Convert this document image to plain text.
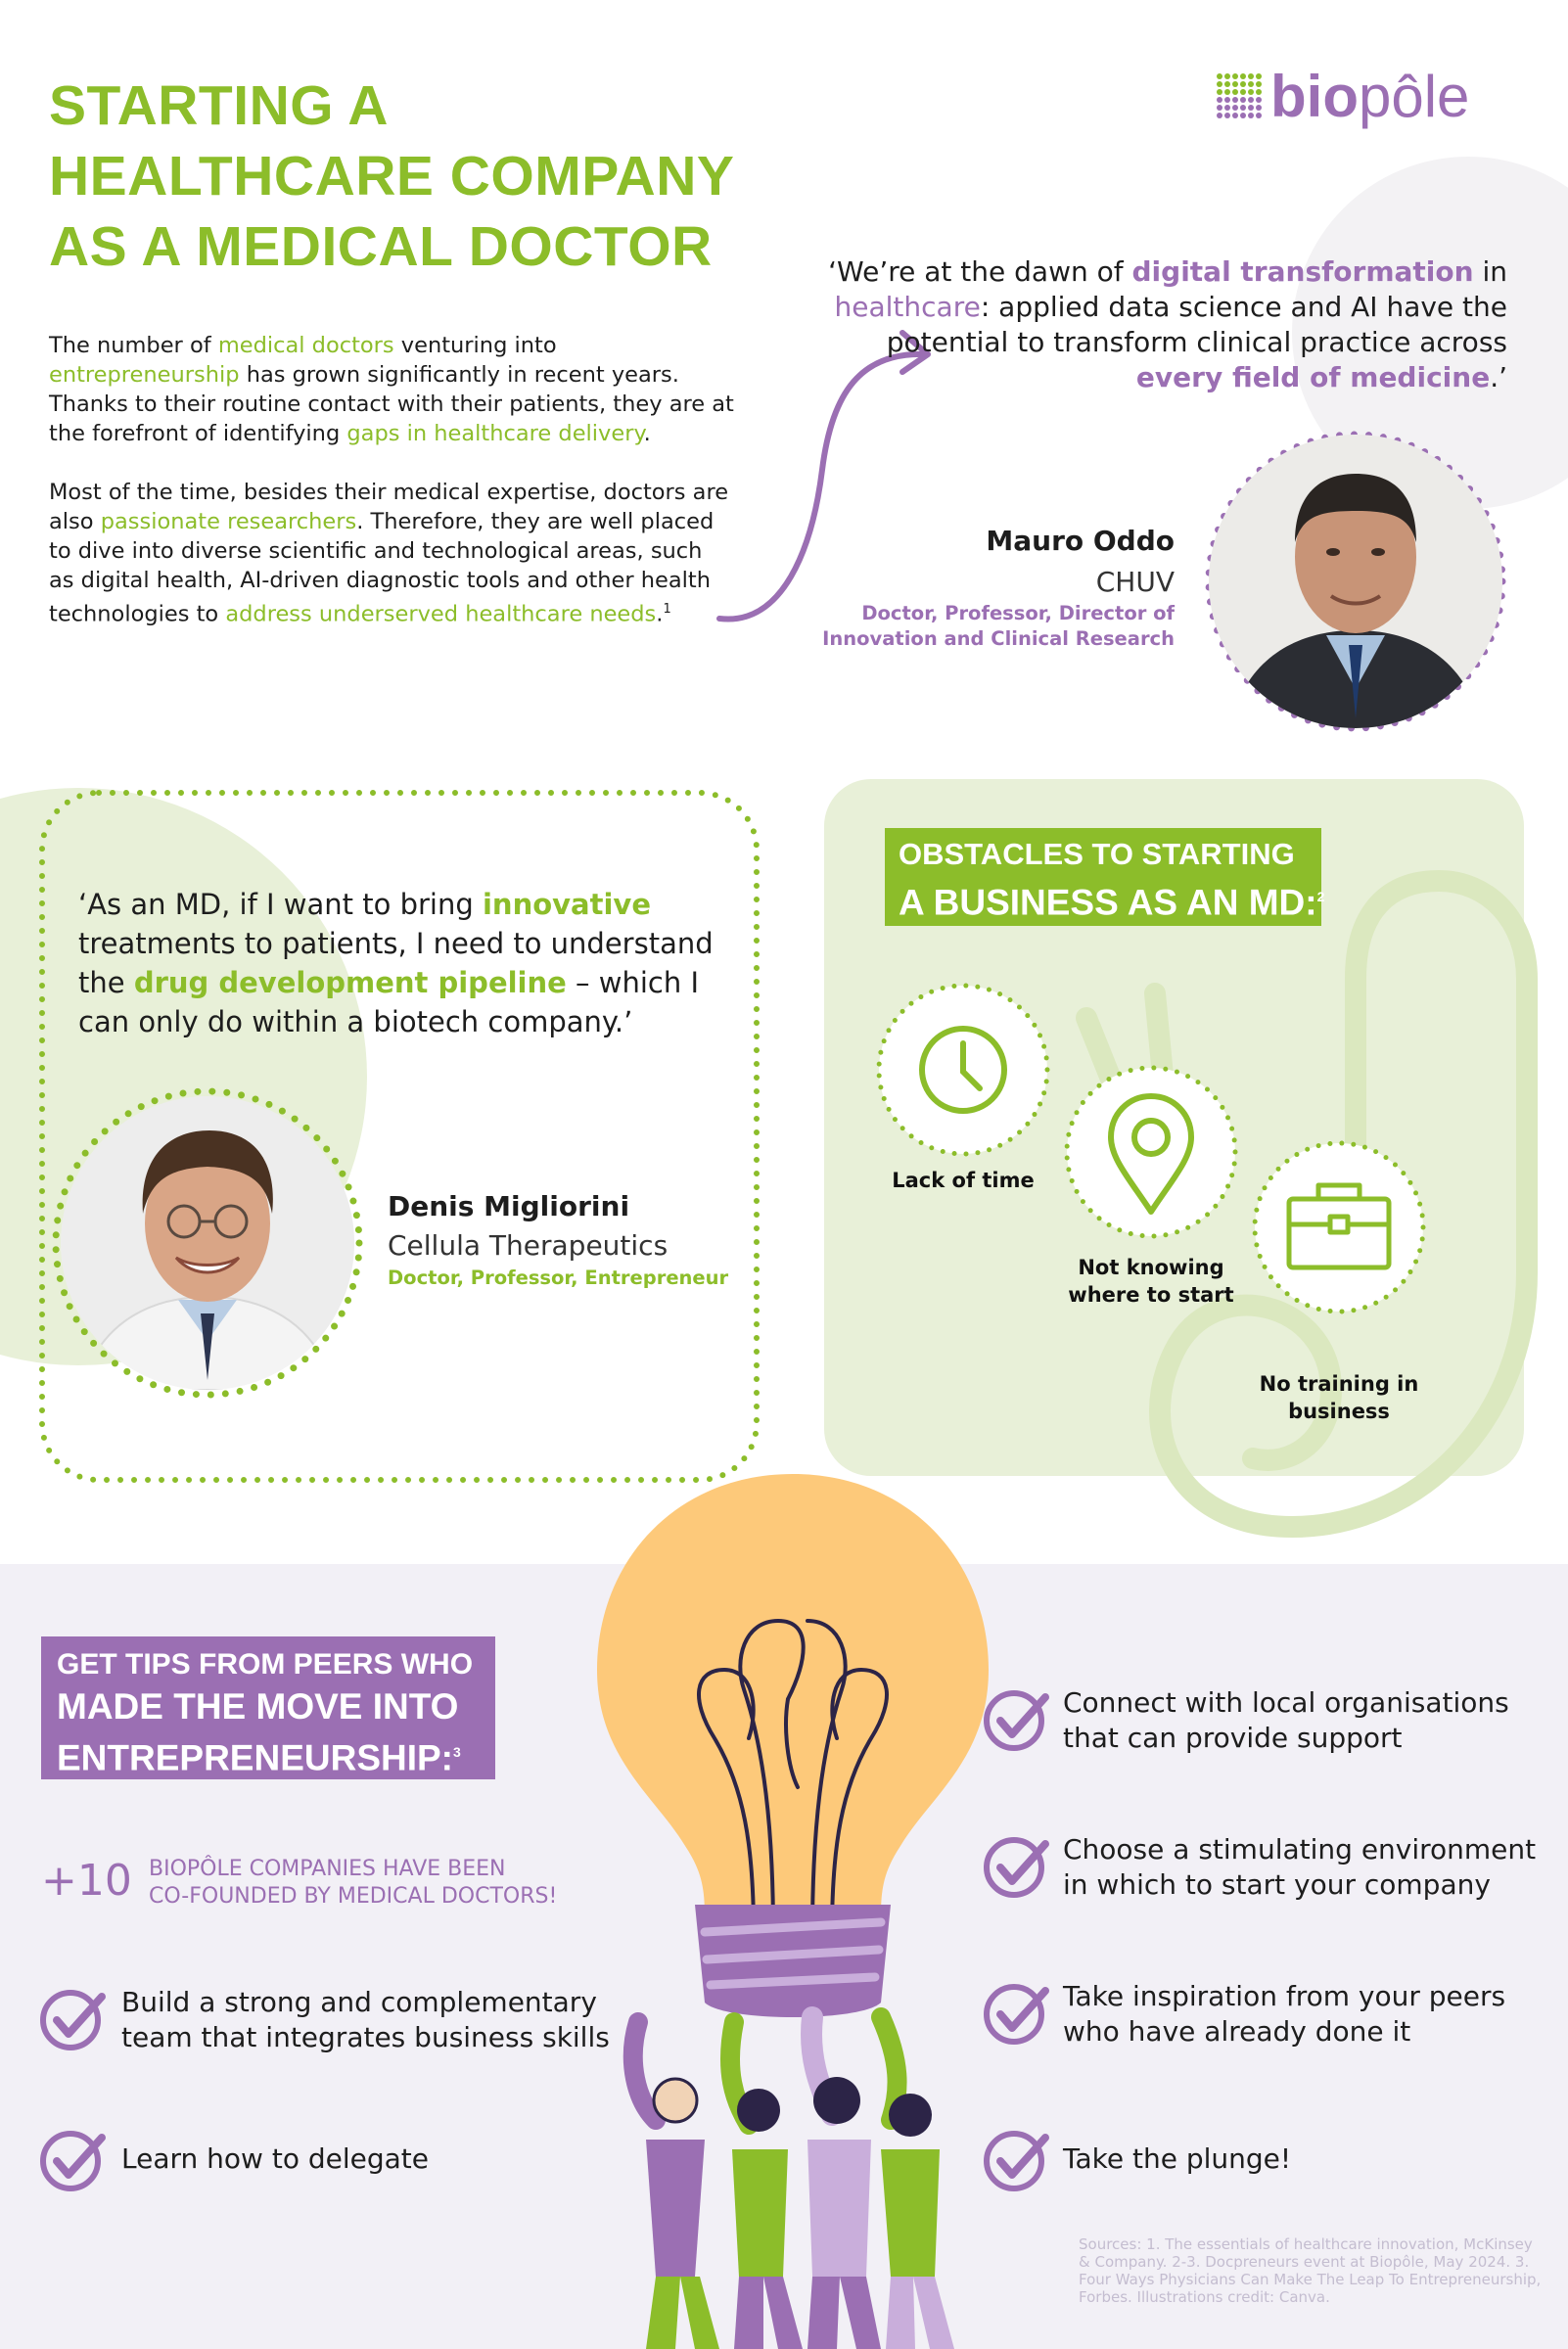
STARTING A
HEALTHCARE COMPANY
AS A MEDICAL DOCTOR
biopôle

The number of medical doctors venturing into entrepreneurship has grown significantly in recent years. Thanks to their routine contact with their patients, they are at the forefront of identifying gaps in healthcare delivery.

Most of the time, besides their medical expertise, doctors are also passionate researchers. Therefore, they are well placed to dive into diverse scientific and technological areas, such as digital health, AI-driven diagnostic tools and other health technologies to address underserved healthcare needs.$^1$

‘We’re at the dawn of digital transformation in healthcare: applied data science and AI have the potential to transform clinical practice across every field of medicine.’
Mauro Oddo
CHUV
Doctor, Professor, Director of
Innovation and Clinical Research
‘As an MD, if I want to bring innovative treatments to patients, I need to understand the drug development pipeline – which I can only do within a biotech company.’
Denis Migliorini
Cellula Therapeutics
Doctor, Professor, Entrepreneur
OBSTACLES TO STARTING
A BUSINESS AS AN MD:$^2$
Lack of time
Not knowing
where to start
No training in
business
GET TIPS FROM PEERS WHO
MADE THE MOVE INTO
ENTREPRENEURSHIP:$^3$
+10 BIOPÔLE COMPANIES HAVE BEEN
CO-FOUNDED BY MEDICAL DOCTORS!
Build a strong and complementary
team that integrates business skills
Learn how to delegate
Connect with local organisations
that can provide support
Choose a stimulating environment
in which to start your company
Take inspiration from your peers
who have already done it
Take the plunge!
Sources: 1. The essentials of healthcare innovation, McKinsey & Company. 2-3. Docpreneurs event at Biopôle, May 2024. 3. Four Ways Physicians Can Make The Leap To Entrepreneurship, Forbes. Illustrations credit: Canva.
